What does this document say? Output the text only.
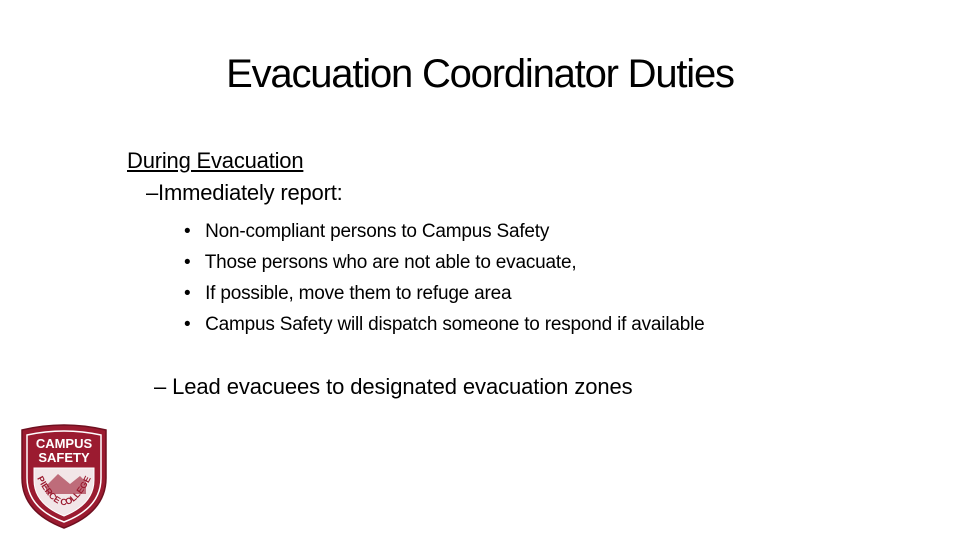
Evacuation Coordinator Duties
During Evacuation
–Immediately report:
• Non-compliant persons to Campus Safety
• Those persons who are not able to evacuate,
• If possible, move them to refuge area
• Campus Safety will dispatch someone to respond if available
– Lead evacuees to designated evacuation zones
CAMPUS
SAFETY
PIERCE COLLEGE
